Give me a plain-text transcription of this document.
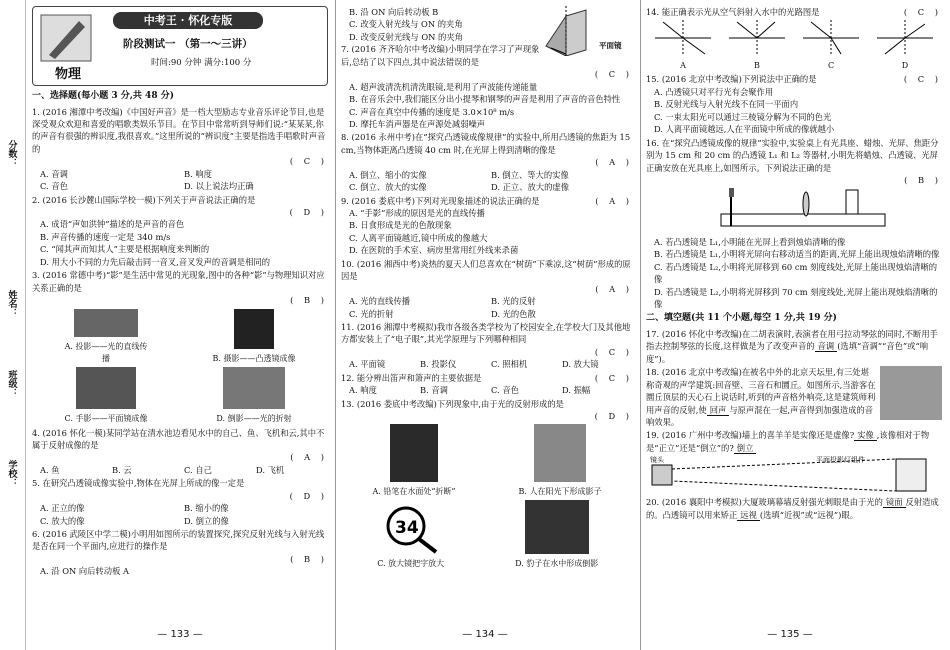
分数：
姓名：
班级：
学校：
中考王 · 怀化专版
阶段测试一 （第一～三讲）
时间:90 分钟 满分:100 分
物理
一、选择题(每小题 3 分,共 48 分)
1. (2016 湘潭中考改编)《中国好声音》是一档大型励志专业音乐评论节目,也是深受观众欢迎和喜爱的唱歌类娱乐节目。在节目中常常听到导师们说:“某某某,你的声音有很强的辨识度,我很喜欢。”这里所说的“辨识度”主要是指选手唱歌时声音的
( C )
A. 音调	B. 响度
C. 音色	D. 以上说法均正确
2. (2016 长沙麓山国际学校一模)下列关于声音说法正确的是
( D )
A. 成语“声如洪钟”描述的是声音的音色
B. 声音传播的速度一定是 340 m/s
C. “闻其声而知其人”主要是根据响度来判断的
D. 用大小不同的力先后敲击同一音叉,音叉发声的音调是相同的
3. (2016 常德中考)“影”是生活中常见的光现象,图中的各种“影”与物理知识对应关系正确的是
( B )
A. 投影——光的直线传播	B. 摄影——凸透镜成像
C. 手影——平面镜成像	D. 倒影——光的折射
4. (2016 怀化一模)某同学站在清水池边看见水中的自己、鱼、飞机和云,其中不属于反射成像的是
( A )
A. 鱼	B. 云	C. 自己	D. 飞机
5. 在研究凸透镜成像实验中,物体在光屏上所成的像一定是
( D )
A. 正立的像	B. 缩小的像
C. 放大的像	D. 倒立的像
6. (2016 武陵区中学二模)小明用如图所示的装置探究,探究反射光线与入射光线是否在同一个平面内,应进行的操作是
( B )
A. 沿 ON 向后转动板 A
B. 沿 ON 向后转动板 B
C. 改变入射光线与 ON 的夹角
D. 改变反射光线与 ON 的夹角
平面镜
7. (2016 齐齐哈尔中考改编)小明同学在学习了声现象后,总结了以下四点,其中说法错误的是
( C )
A. 超声波清洗机清洗眼镜,是利用了声波能传递能量
B. 在音乐会中,我们能区分出小提琴和钢琴的声音是利用了声音的音色特性
C. 声音在真空中传播的速度是 3.0×10⁸ m/s
D. 摩托车消声器是在声源处减弱噪声
8. (2016 永州中考)在“探究凸透镜成像规律”的实验中,所用凸透镜的焦距为 15 cm,当物体距离凸透镜 40 cm 时,在光屏上得到清晰的像是
( A )
A. 倒立、缩小的实像	B. 倒立、等大的实像
C. 倒立、放大的实像	D. 正立、放大的虚像
9. (2016 娄底中考)下列对光现象描述的说法正确的是	( A )
A. “手影”形成的原因是光的直线传播
B. 日食形成是光的色散现象
C. 人离平面镜越近,镜中所成的像越大
D. 在医院的手术室、病房里常用红外线来杀菌
10. (2016 湘西中考)炎热的夏天人们总喜欢在“树荫”下乘凉,这“树荫”形成的原因是
( A )
A. 光的直线传播	B. 光的反射
C. 光的折射	D. 光的色散
11. (2016 湘潭中考模拟)我市各级各类学校为了校园安全,在学校大门及其他地方都安装上了“电子眼”,其光学原理与下列哪种相同
( C )
A. 平面镜	B. 投影仪	C. 照相机	D. 放大镜
12. 能分辨出笛声和箫声的主要依据是	( C )
A. 响度	B. 音调	C. 音色	D. 振幅
13. (2016 娄底中考改编)下列现象中,由于光的反射形成的是
( D )
A. 铅笔在水面处“折断”	B. 人在阳光下形成影子
34
C. 放大镜把字放大	D. 豹子在水中形成倒影
14. 能正确表示光从空气斜射入水中的光路图是	( C )
A	B	C	D
15. (2016 北京中考改编)下列说法中正确的是	( C )
A. 凸透镜只对平行光有会聚作用
B. 反射光线与入射光线不在同一平面内
C. 一束太阳光可以通过三棱镜分解为不同的色光
D. 人离平面镜越远,人在平面镜中所成的像就越小
16. 在“探究凸透镜成像的规律”实验中,实验桌上有光具座、蜡烛、光屏、焦距分别为 15 cm 和 20 cm 的凸透镜 L₁ 和 L₂ 等器材,小明先将蜡烛、凸透镜、光屏正确安放在光具座上,如图所示。下列说法正确的是
( B )
A. 若凸透镜是 L₁,小明能在光屏上看到烛焰清晰的像
B. 若凸透镜是 L₁,小明将光屏向右移动适当的距离,光屏上能出现烛焰清晰的像
C. 若凸透镜是 L₂,小明将光屏移到 60 cm 刻度线处,光屏上能出现烛焰清晰的像
D. 若凸透镜是 L₂,小明将光屏移到 70 cm 刻度线处,光屏上能出现烛焰清晰的像
二、填空题(共 11 个小题,每空 1 分,共 19 分)
17. (2016 怀化中考改编)在二胡表演时,表演者在用弓拉动琴弦的同时,不断用手指去控制琴弦的长度,这样做是为了改变声音的 音调 (选填“音调”“音色”或“响度”)。
18. (2016 北京中考改编)在被名中外的北京天坛里,有三处堪称奇观的声学建筑:回音壁、三音石和圜丘。如图所示,当游客在圜丘顶层的天心石上说话时,听到的声音格外响亮,这是建筑师利用声音的反射,使 回声 与原声混在一起,声音得到加强造成的音响效果。
19. (2016 广州中考改编)墙上的喜羊羊是实像还是虚像? 实像 ,该像相对于物是“正立”还是“倒立”的? 倒立
镜头	平面投影灯组件
20. (2016 襄阳中考模拟)大厦玻璃幕墙反射强光刺眼是由于光的 镜面 反射造成的。凸透镜可以用来矫正 远视 (选填“近视”或“远视”)眼。
— 133 —	— 134 —	— 135 —
